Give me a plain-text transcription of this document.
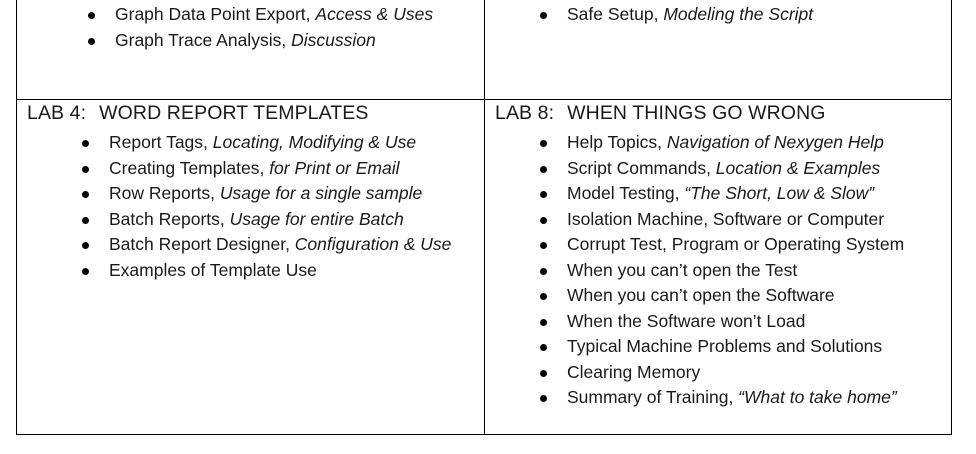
Graph Data Point Export, Access & Uses
Graph Trace Analysis, Discussion
Safe Setup, Modeling the Script
LAB 4: WORD REPORT TEMPLATES
Report Tags, Locating, Modifying & Use
Creating Templates, for Print or Email
Row Reports, Usage for a single sample
Batch Reports, Usage for entire Batch
Batch Report Designer, Configuration & Use
Examples of Template Use
LAB 8: WHEN THINGS GO WRONG
Help Topics, Navigation of Nexygen Help
Script Commands, Location & Examples
Model Testing, “The Short, Low & Slow”
Isolation Machine, Software or Computer
Corrupt Test, Program or Operating System
When you can’t open the Test
When you can’t open the Software
When the Software won’t Load
Typical Machine Problems and Solutions
Clearing Memory
Summary of Training, “What to take home”
